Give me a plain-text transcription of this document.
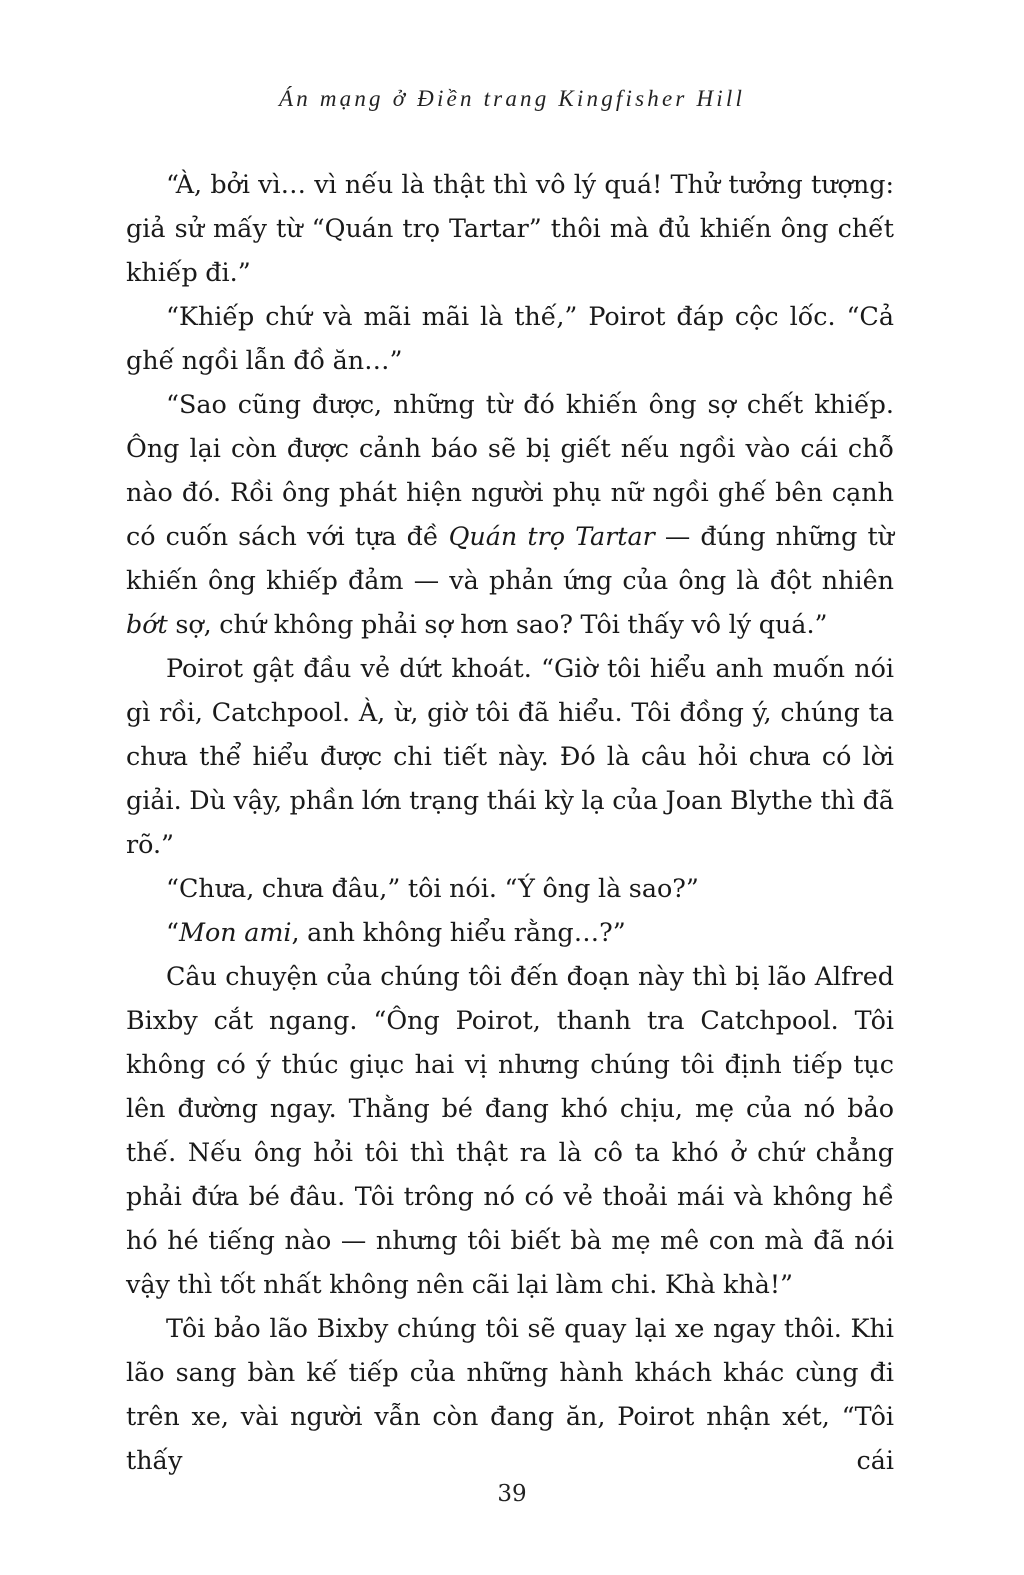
Án mạng ở Điền trang Kingfisher Hill

“À, bởi vì… vì nếu là thật thì vô lý quá! Thử tưởng tượng: giả sử mấy từ “Quán trọ Tartar” thôi mà đủ khiến ông chết khiếp đi.”

“Khiếp chứ và mãi mãi là thế,” Poirot đáp cộc lốc. “Cả ghế ngồi lẫn đồ ăn…”

“Sao cũng được, những từ đó khiến ông sợ chết khiếp. Ông lại còn được cảnh báo sẽ bị giết nếu ngồi vào cái chỗ nào đó. Rồi ông phát hiện người phụ nữ ngồi ghế bên cạnh có cuốn sách với tựa đề Quán trọ Tartar — đúng những từ khiến ông khiếp đảm — và phản ứng của ông là đột nhiên bớt sợ, chứ không phải sợ hơn sao? Tôi thấy vô lý quá.”

Poirot gật đầu vẻ dứt khoát. “Giờ tôi hiểu anh muốn nói gì rồi, Catchpool. À, ừ, giờ tôi đã hiểu. Tôi đồng ý, chúng ta chưa thể hiểu được chi tiết này. Đó là câu hỏi chưa có lời giải. Dù vậy, phần lớn trạng thái kỳ lạ của Joan Blythe thì đã rõ.”

“Chưa, chưa đâu,” tôi nói. “Ý ông là sao?”

“Mon ami, anh không hiểu rằng…?”

Câu chuyện của chúng tôi đến đoạn này thì bị lão Alfred Bixby cắt ngang. “Ông Poirot, thanh tra Catchpool. Tôi không có ý thúc giục hai vị nhưng chúng tôi định tiếp tục lên đường ngay. Thằng bé đang khó chịu, mẹ của nó bảo thế. Nếu ông hỏi tôi thì thật ra là cô ta khó ở chứ chẳng phải đứa bé đâu. Tôi trông nó có vẻ thoải mái và không hề hó hé tiếng nào — nhưng tôi biết bà mẹ mê con mà đã nói vậy thì tốt nhất không nên cãi lại làm chi. Khà khà!”

Tôi bảo lão Bixby chúng tôi sẽ quay lại xe ngay thôi. Khi lão sang bàn kế tiếp của những hành khách khác cùng đi trên xe, vài người vẫn còn đang ăn, Poirot nhận xét, “Tôi thấy cái

39
